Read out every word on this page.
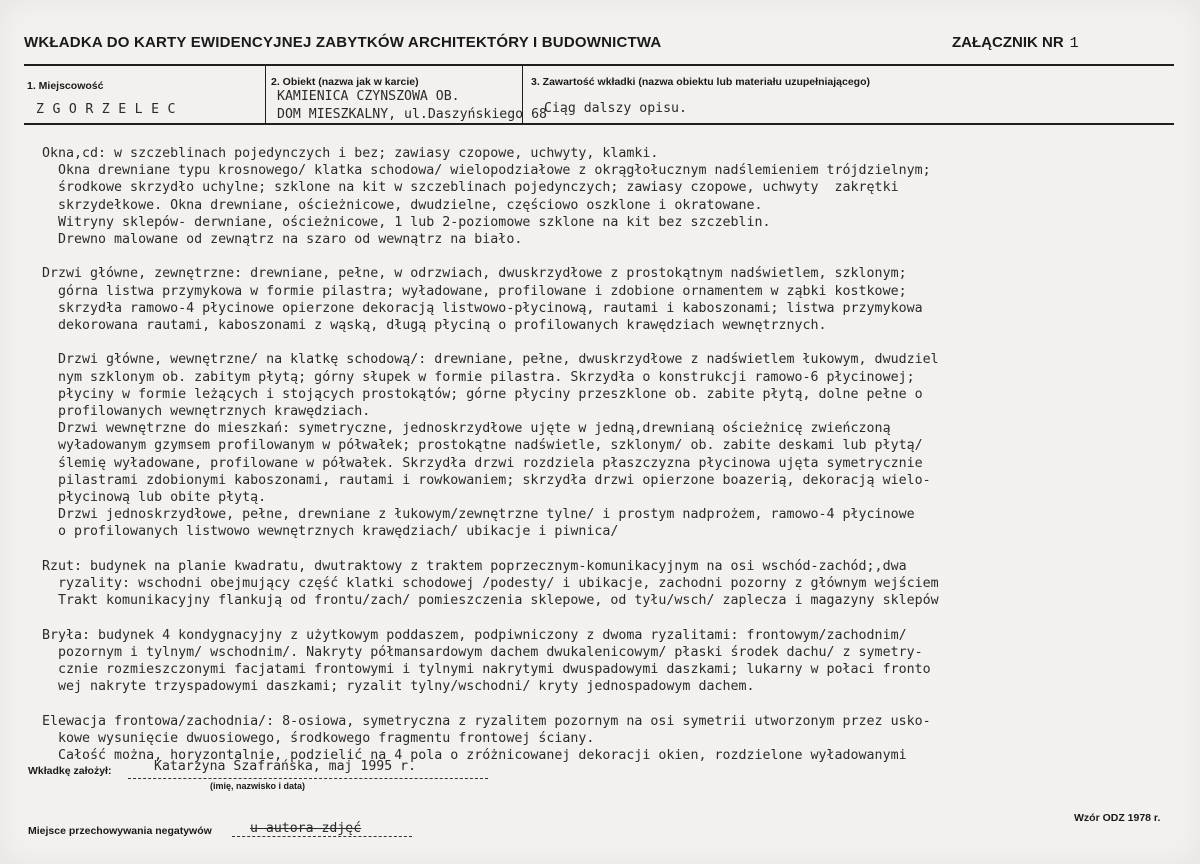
WKŁADKA DO KARTY EWIDENCYJNEJ ZABYTKÓW ARCHITEKTÓRY I BUDOWNICTWA	ZAŁĄCZNIK NR 1
1. Miejscowość
ZGORZELEC
2. Obiekt (nazwa jak w karcie)
KAMIENICA CZYNSZOWA OB.
DOM MIESZKALNY, ul.Daszyńskiego 68
3. Zawartość wkładki (nazwa obiektu lub materiału uzupełniającego)
Ciąg dalszy opisu.
Okna,cd: w szczeblinach pojedynczych i bez; zawiasy czopowe, uchwyty, klamki.
Okna drewniane typu krosnowego/ klatka schodowa/ wielopodziałowe z okrągłołucznym nadślemieniem trójdzielnym;
środkowe skrzydło uchylne; szklone na kit w szczeblinach pojedynczych; zawiasy czopowe, uchwyty  zakrętki
skrzydełkowe. Okna drewniane, ościeżnicowe, dwudzielne, częściowo oszklone i okratowane.
Witryny sklepów- derwniane, ościeżnicowe, 1 lub 2-poziomowe szklone na kit bez szczeblin.
Drewno malowane od zewnątrz na szaro od wewnątrz na biało.
Drzwi główne, zewnętrzne: drewniane, pełne, w odrzwiach, dwuskrzydłowe z prostokątnym nadświetlem, szklonym;
górna listwa przymykowa w formie pilastra; wyładowane, profilowane i zdobione ornamentem w ząbki kostkowe;
skrzydła ramowo-4 płycinowe opierzone dekoracją listwowo-płycinową, rautami i kaboszonami; listwa przymykowa
dekorowana rautami, kaboszonami z wąską, długą płyciną o profilowanych krawędziach wewnętrznych.
Drzwi główne, wewnętrzne/ na klatkę schodową/: drewniane, pełne, dwuskrzydłowe z nadświetlem łukowym, dwudziel
nym szklonym ob. zabitym płytą; górny słupek w formie pilastra. Skrzydła o konstrukcji ramowo-6 płycinowej;
płyciny w formie leżących i stojących prostokątów; górne płyciny przeszklone ob. zabite płytą, dolne pełne o
profilowanych wewnętrznych krawędziach.
Drzwi wewnętrzne do mieszkań: symetryczne, jednoskrzydłowe ujęte w jedną,drewnianą ościeżnicę zwieńczoną
wyładowanym gzymsem profilowanym w półwałek; prostokątne nadświetle, szklonym/ ob. zabite deskami lub płytą/
ślemię wyładowane, profilowane w półwałek. Skrzydła drzwi rozdziela płaszczyzna płycinowa ujęta symetrycznie
pilastrami zdobionymi kaboszonami, rautami i rowkowaniem; skrzydła drzwi opierzone boazerią, dekoracją wielo-
płycinową lub obite płytą.
Drzwi jednoskrzydłowe, pełne, drewniane z łukowym/zewnętrzne tylne/ i prostym nadprożem, ramowo-4 płycinowe
o profilowanych listwowo wewnętrznych krawędziach/ ubikacje i piwnica/
Rzut: budynek na planie kwadratu, dwutraktowy z traktem poprzecznym-komunikacyjnym na osi wschód-zachód;,dwa
ryzality: wschodni obejmujący część klatki schodowej /podesty/ i ubikacje, zachodni pozorny z głównym wejściem
Trakt komunikacyjny flankują od frontu/zach/ pomieszczenia sklepowe, od tyłu/wsch/ zaplecza i magazyny sklepów
Bryła: budynek 4 kondygnacyjny z użytkowym poddaszem, podpiwniczony z dwoma ryzalitami: frontowym/zachodnim/
pozornym i tylnym/ wschodnim/. Nakryty półmansardowym dachem dwukalenicowym/ płaski środek dachu/ z symetry-
cznie rozmieszczonymi facjatami frontowymi i tylnymi nakrytymi dwuspadowymi daszkami; lukarny w połaci fronto
wej nakryte trzyspadowymi daszkami; ryzalit tylny/wschodni/ kryty jednospadowym dachem.
Elewacja frontowa/zachodnia/: 8-osiowa, symetryczna z ryzalitem pozornym na osi symetrii utworzonym przez usko-
kowe wysunięcie dwuosiowego, środkowego fragmentu frontowej ściany.
Całość można, horyzontalnie, podzielić na 4 pola o zróżnicowanej dekoracji okien, rozdzielone wyładowanymi
Wkładkę założył:	Katarzyna Szafrańska, maj 1995 r.
(imię, nazwisko i data)
Wzór ODZ 1978 r.
Miejsce przechowywania negatywów	u autora zdjęć
